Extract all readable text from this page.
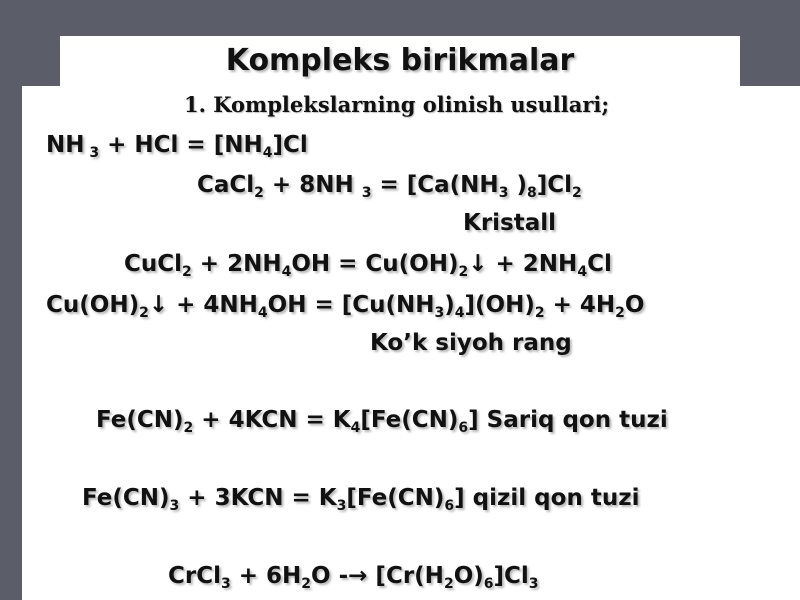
Kompleks birikmalar
1. Komplekslarning olinish usullari;
NH $_3$ + HCl = $[NH_4]Cl$
CaCl$_2$ + 8NH $_3 = [Ca(NH_3$ )$_8]Cl_2$
Kristall
CuCl$_2$ + $2NH_4OH$ = $Cu(OH)_2↓ + 2NH_4Cl$
$Cu(OH)_2↓ + 4NH_4OH = [Cu(NH_3)_4](OH)_2 + 4H_2O$
Ko’k siyoh rang
$Fe(CN)_2 + 4KCN = K_4[Fe(CN)_6]$ Sariq qon tuzi
$Fe(CN)_3 + 3KCN = K_3[Fe(CN)_6]$ qizil qon tuzi
CrCl$_3$ + $6H_2O -\to [Cr(H_2O)_6]Cl_3$
